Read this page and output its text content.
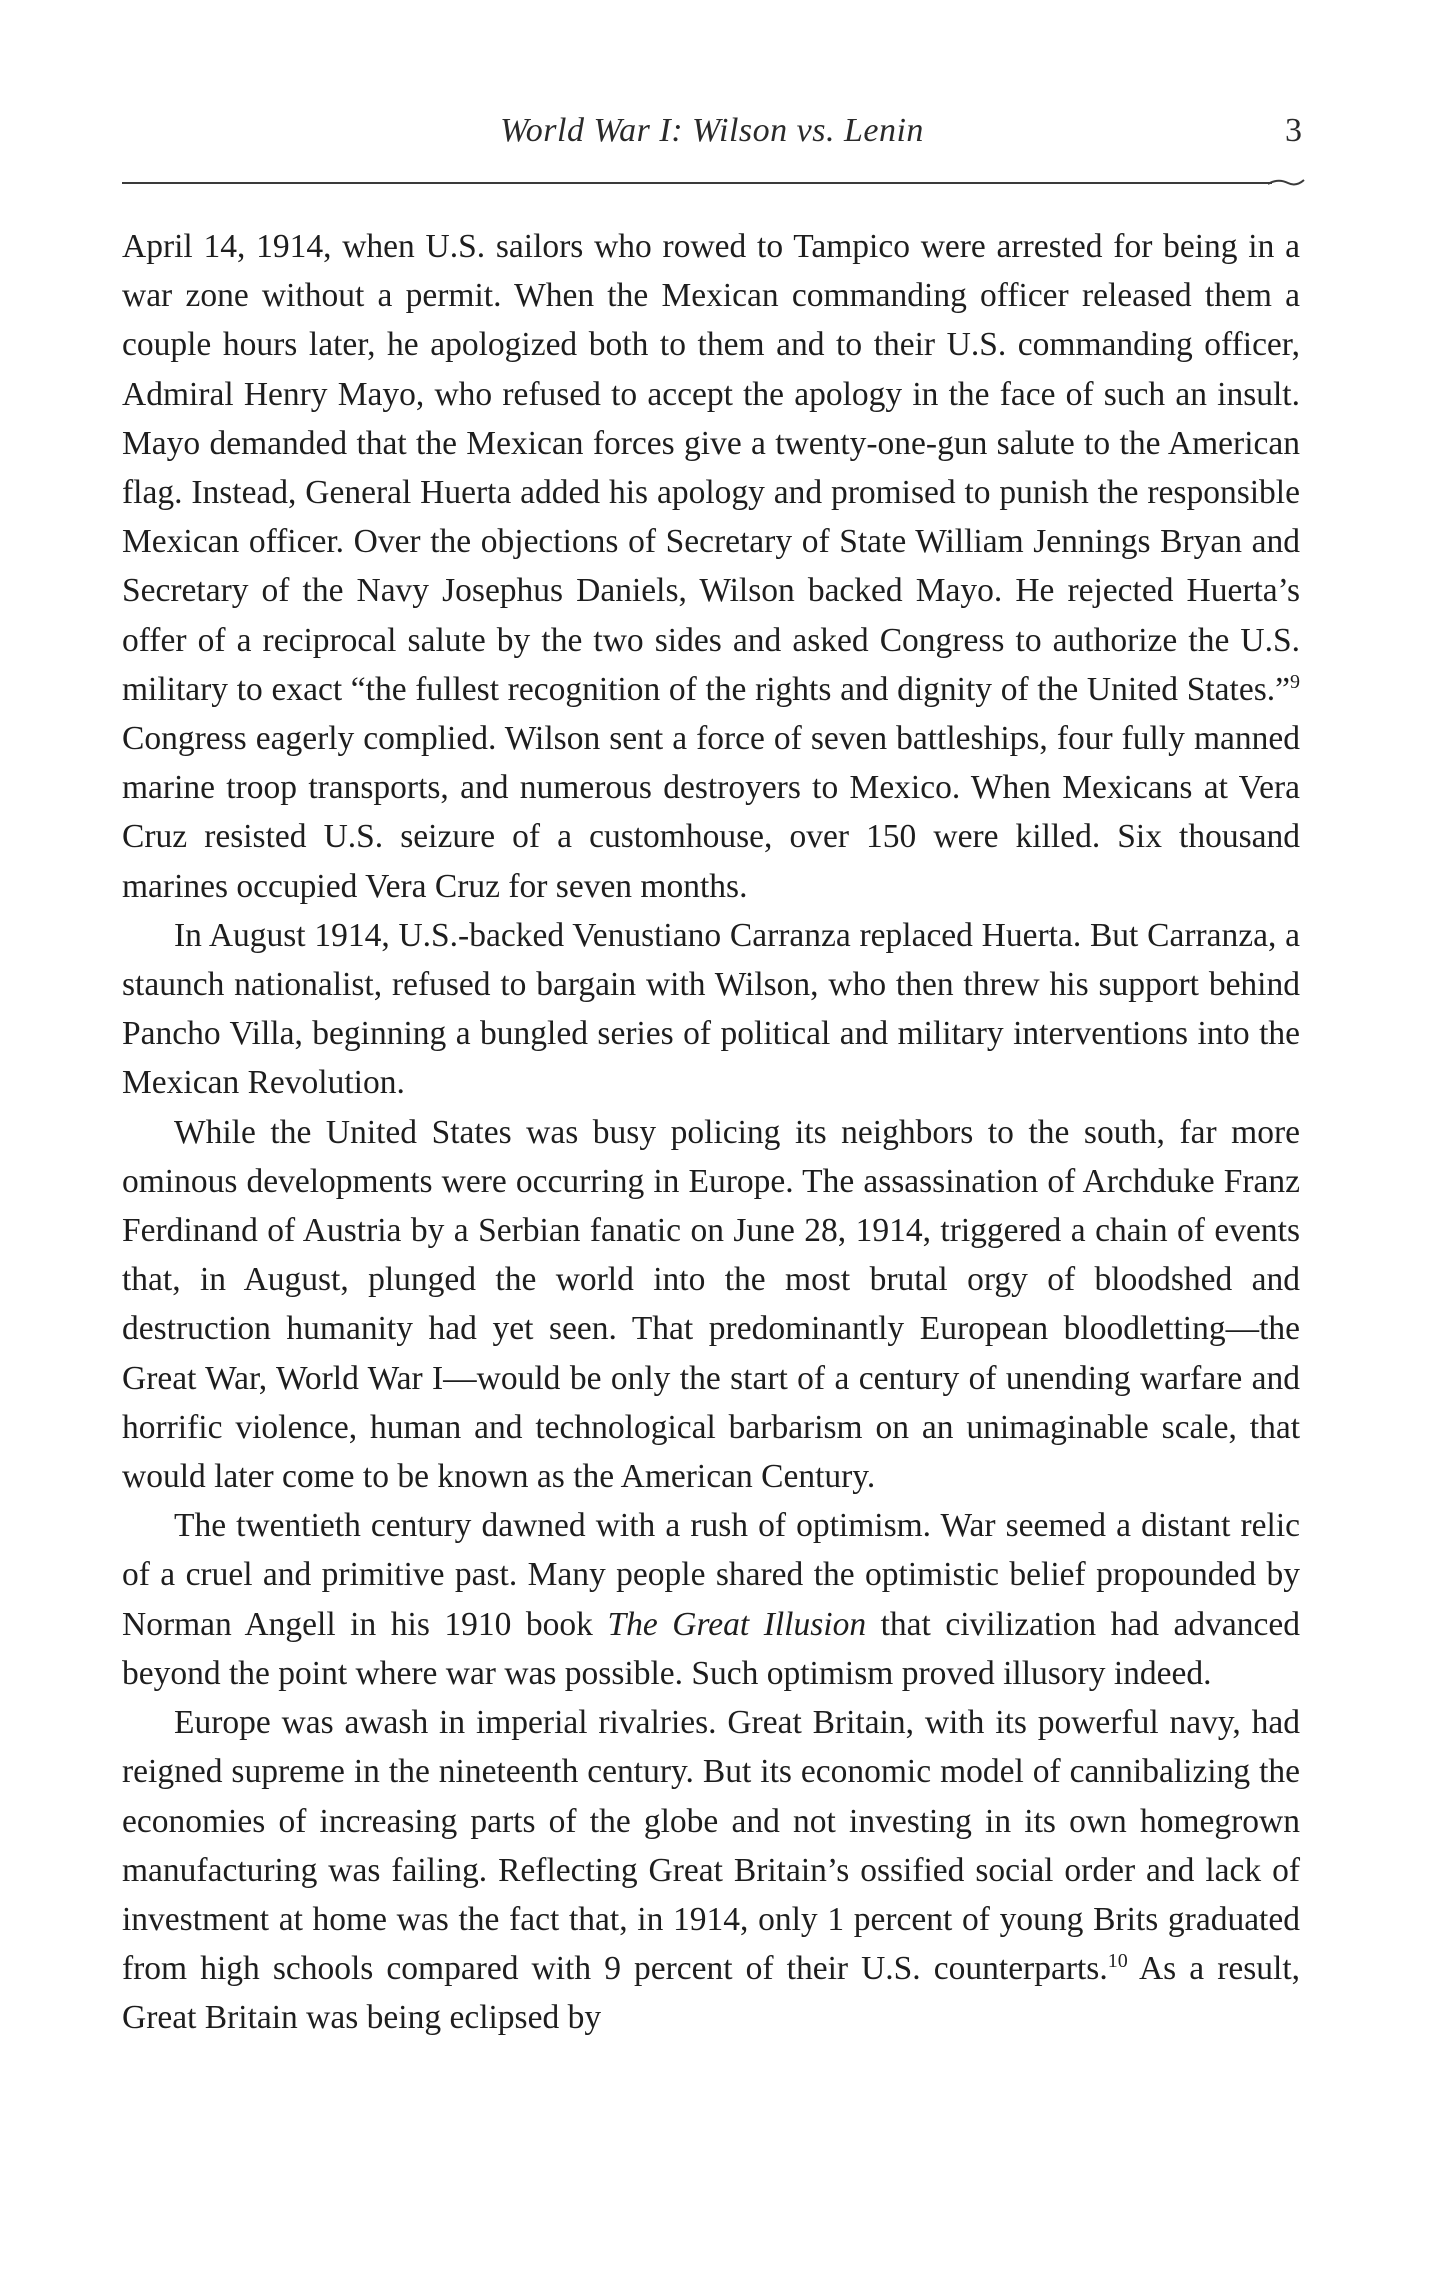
World War I: Wilson vs. Lenin	3

April 14, 1914, when U.S. sailors who rowed to Tampico were arrested for being in a war zone without a permit. When the Mexican commanding officer released them a couple hours later, he apologized both to them and to their U.S. commanding officer, Admiral Henry Mayo, who refused to accept the apology in the face of such an insult. Mayo demanded that the Mexican forces give a twenty-one-gun salute to the American flag. Instead, General Huerta added his apology and promised to punish the responsible Mexican officer. Over the objections of Secretary of State William Jennings Bryan and Secretary of the Navy Josephus Daniels, Wilson backed Mayo. He rejected Huerta’s offer of a reciprocal salute by the two sides and asked Congress to authorize the U.S. military to exact “the fullest recognition of the rights and dignity of the United States.”$^9$ Congress eagerly complied. Wilson sent a force of seven battleships, four fully manned marine troop transports, and numerous destroyers to Mexico. When Mexicans at Vera Cruz resisted U.S. seizure of a customhouse, over 150 were killed. Six thousand marines occupied Vera Cruz for seven months.

In August 1914, U.S.-backed Venustiano Carranza replaced Huerta. But Carranza, a staunch nationalist, refused to bargain with Wilson, who then threw his support behind Pancho Villa, beginning a bungled series of political and military interventions into the Mexican Revolution.

While the United States was busy policing its neighbors to the south, far more ominous developments were occurring in Europe. The assassination of Archduke Franz Ferdinand of Austria by a Serbian fanatic on June 28, 1914, triggered a chain of events that, in August, plunged the world into the most brutal orgy of bloodshed and destruction humanity had yet seen. That predominantly European bloodletting—the Great War, World War I—would be only the start of a century of unending warfare and horrific violence, human and technological barbarism on an unimaginable scale, that would later come to be known as the American Century.

The twentieth century dawned with a rush of optimism. War seemed a distant relic of a cruel and primitive past. Many people shared the optimistic belief propounded by Norman Angell in his 1910 book The Great Illusion that civilization had advanced beyond the point where war was possible. Such optimism proved illusory indeed.

Europe was awash in imperial rivalries. Great Britain, with its powerful navy, had reigned supreme in the nineteenth century. But its economic model of cannibalizing the economies of increasing parts of the globe and not investing in its own homegrown manufacturing was failing. Reflecting Great Britain’s ossified social order and lack of investment at home was the fact that, in 1914, only 1 percent of young Brits graduated from high schools compared with 9 percent of their U.S. counterparts.$^{10}$ As a result, Great Britain was being eclipsed by
